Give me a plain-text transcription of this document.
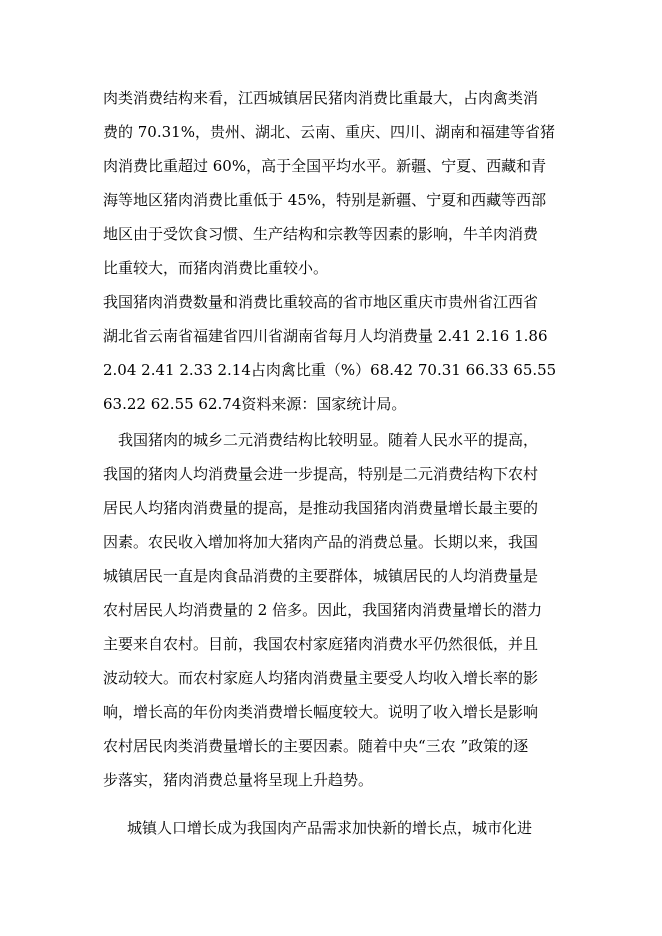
肉类消费结构来看，江西城镇居民猪肉消费比重最大，占肉禽类消
费的 70.31%，贵州、湖北、云南、重庆、四川、湖南和福建等省猪
肉消费比重超过 60%，高于全国平均水平。新疆、宁夏、西藏和青
海等地区猪肉消费比重低于 45%，特别是新疆、宁夏和西藏等西部
地区由于受饮食习惯、生产结构和宗教等因素的影响，牛羊肉消费
比重较大，而猪肉消费比重较小。
我国猪肉消费数量和消费比重较高的省市地区重庆市贵州省江西省
湖北省云南省福建省四川省湖南省每月人均消费量 2.41 2.16 1.86
2.04 2.41 2.33 2.14占肉禽比重（%）68.42 70.31 66.33 65.55
63.22 62.55 62.74资料来源：国家统计局。
我国猪肉的城乡二元消费结构比较明显。随着人民水平的提高，
我国的猪肉人均消费量会进一步提高，特别是二元消费结构下农村
居民人均猪肉消费量的提高，是推动我国猪肉消费量增长最主要的
因素。农民收入增加将加大猪肉产品的消费总量。长期以来，我国
城镇居民一直是肉食品消费的主要群体，城镇居民的人均消费量是
农村居民人均消费量的 2 倍多。因此，我国猪肉消费量增长的潜力
主要来自农村。目前，我国农村家庭猪肉消费水平仍然很低，并且
波动较大。而农村家庭人均猪肉消费量主要受人均收入增长率的影
响，增长高的年份肉类消费增长幅度较大。说明了收入增长是影响
农村居民肉类消费量增长的主要因素。随着中央“三农 ”政策的逐
步落实，猪肉消费总量将呈现上升趋势。
城镇人口增长成为我国肉产品需求加快新的增长点，城市化进
